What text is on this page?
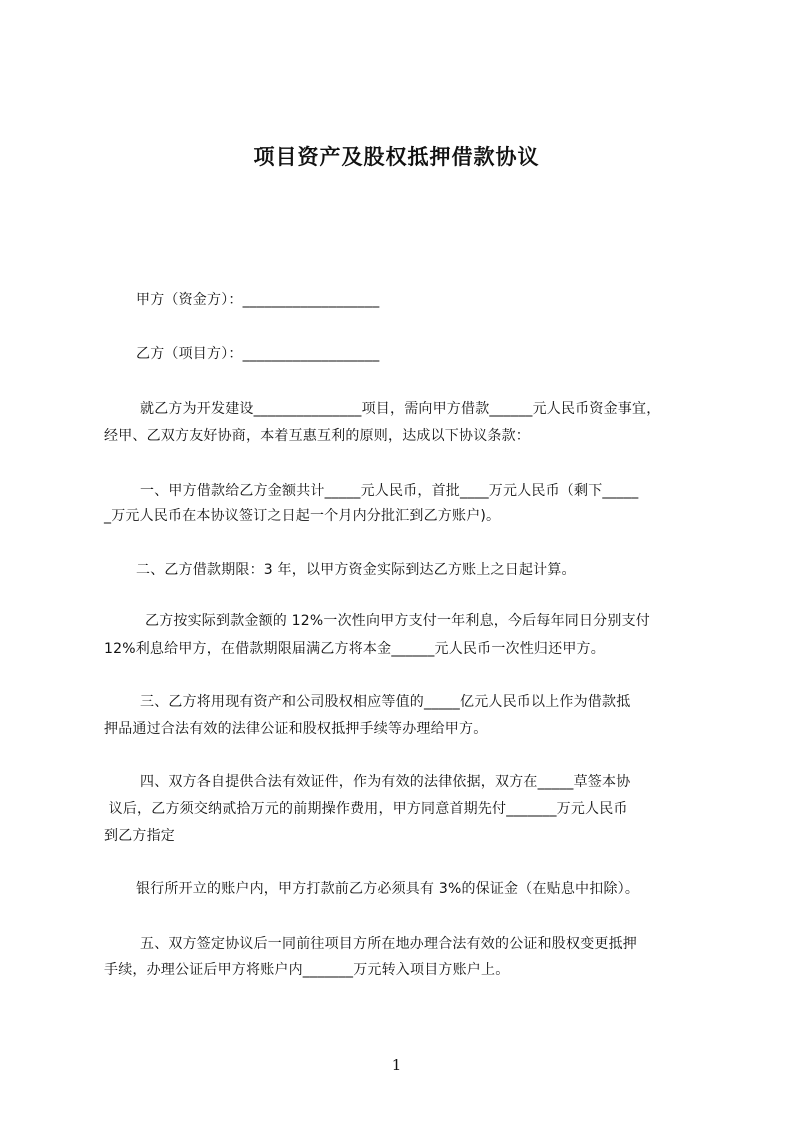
项目资产及股权抵押借款协议
甲方（资金方）：___________________
乙方（项目方）：___________________
就乙方为开发建设_______________项目，需向甲方借款______元人民币资金事宜，
经甲、乙双方友好协商，本着互惠互利的原则，达成以下协议条款：
一、甲方借款给乙方金额共计_____元人民币，首批____万元人民币（剩下_____
_万元人民币在本协议签订之日起一个月内分批汇到乙方账户)。
二、乙方借款期限：3 年，以甲方资金实际到达乙方账上之日起计算。
乙方按实际到款金额的 12%一次性向甲方支付一年利息，今后每年同日分别支付
12%利息给甲方，在借款期限届满乙方将本金______元人民币一次性归还甲方。
三、乙方将用现有资产和公司股权相应等值的_____亿元人民币以上作为借款抵
押品通过合法有效的法律公证和股权抵押手续等办理给甲方。
四、双方各自提供合法有效证件，作为有效的法律依据，双方在_____草签本协
议后，乙方须交纳贰拾万元的前期操作费用，甲方同意首期先付_______万元人民币
到乙方指定
银行所开立的账户内，甲方打款前乙方必须具有 3%的保证金（在贴息中扣除）。
五、双方签定协议后一同前往项目方所在地办理合法有效的公证和股权变更抵押
手续，办理公证后甲方将账户内_______万元转入项目方账户上。
1
